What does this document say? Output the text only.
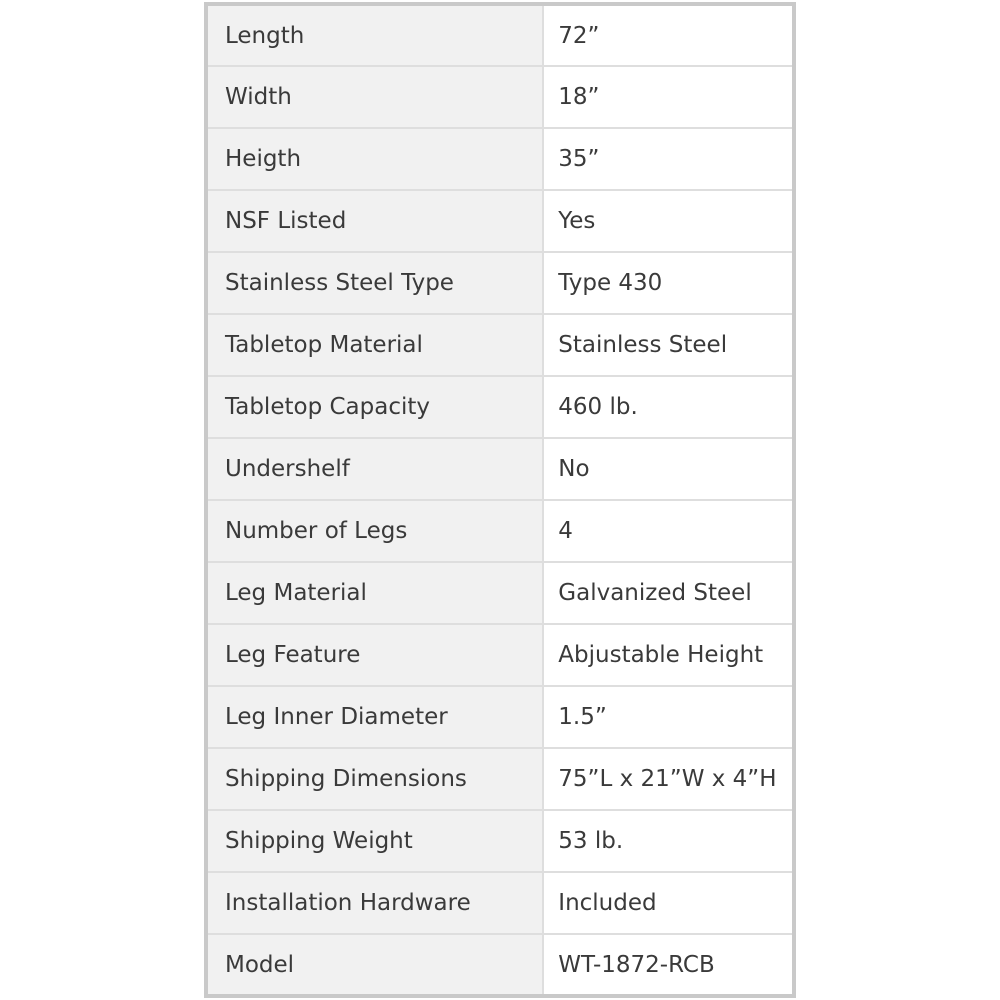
Length	72”
Width	18”
Heigth	35”
NSF Listed	Yes
Stainless Steel Type	Type 430
Tabletop Material	Stainless Steel
Tabletop Capacity	460 lb.
Undershelf	No
Number of Legs	4
Leg Material	Galvanized Steel
Leg Feature	Abjustable Height
Leg Inner Diameter	1.5”
Shipping Dimensions	75”L x 21”W x 4”H
Shipping Weight	53 lb.
Installation Hardware	Included
Model	WT-1872-RCB
